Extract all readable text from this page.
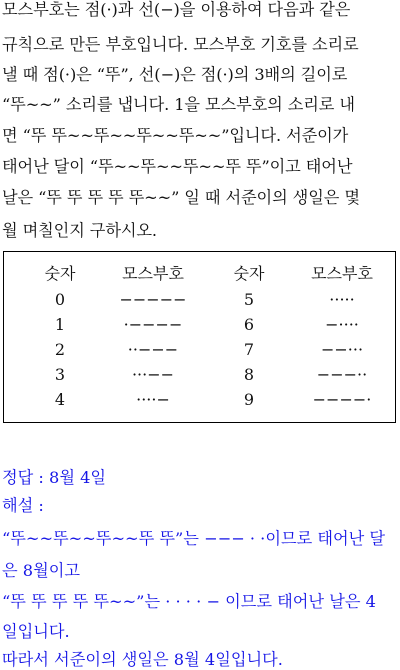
모스부호는 점(·)과 선(−)을 이용하여 다음과 같은
규칙으로 만든 부호입니다. 모스부호 기호를 소리로
낼 때 점(·)은 “뚜”, 선(−)은 점(·)의 3배의 길이로
“뚜~~” 소리를 냅니다. 1을 모스부호의 소리로 내
면 “뚜 뚜~~뚜~~뚜~~뚜~~”입니다. 서준이가
태어난 달이 “뚜~~뚜~~뚜~~뚜 뚜”이고 태어난
날은 “뚜 뚜 뚜 뚜 뚜~~” 일 때 서준이의 생일은 몇
월 며칠인지 구하시오.
숫자	모스부호	숫자	모스부호
0	−−−−−	5	·····
1	·−−−−	6	−····
2	··−−−	7	−−···
3	···−−	8	−−−··
4	····−	9	−−−−·
정답 : 8월 4일
해설 :
“뚜~~뚜~~뚜~~뚜 뚜”는 −−− · ·이므로 태어난 달
은 8월이고
“뚜 뚜 뚜 뚜 뚜~~”는 · · · · − 이므로 태어난 날은 4
일입니다.
따라서 서준이의 생일은 8월 4일입니다.
